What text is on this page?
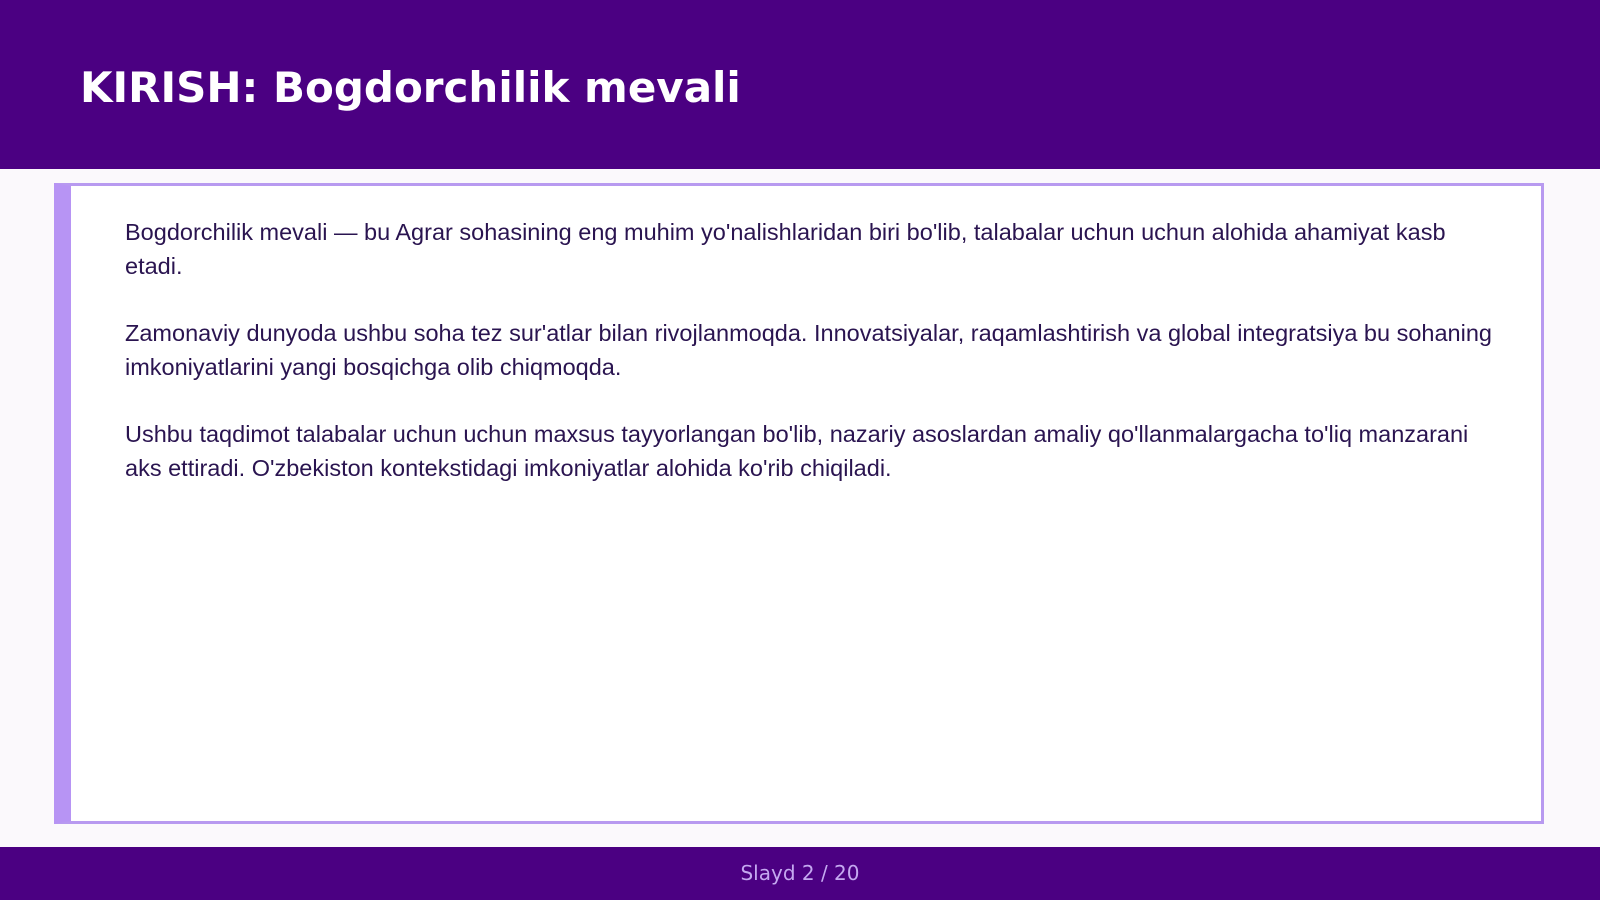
KIRISH: Bogdorchilik mevali

Bogdorchilik mevali — bu Agrar sohasining eng muhim yo'nalishlaridan biri bo'lib, talabalar uchun uchun alohida ahamiyat kasb etadi.

Zamonaviy dunyoda ushbu soha tez sur'atlar bilan rivojlanmoqda. Innovatsiyalar, raqamlashtirish va global integratsiya bu sohaning imkoniyatlarini yangi bosqichga olib chiqmoqda.

Ushbu taqdimot talabalar uchun uchun maxsus tayyorlangan bo'lib, nazariy asoslardan amaliy qo'llanmalargacha to'liq manzarani aks ettiradi. O'zbekiston kontekstidagi imkoniyatlar alohida ko'rib chiqiladi.

Slayd 2 / 20
